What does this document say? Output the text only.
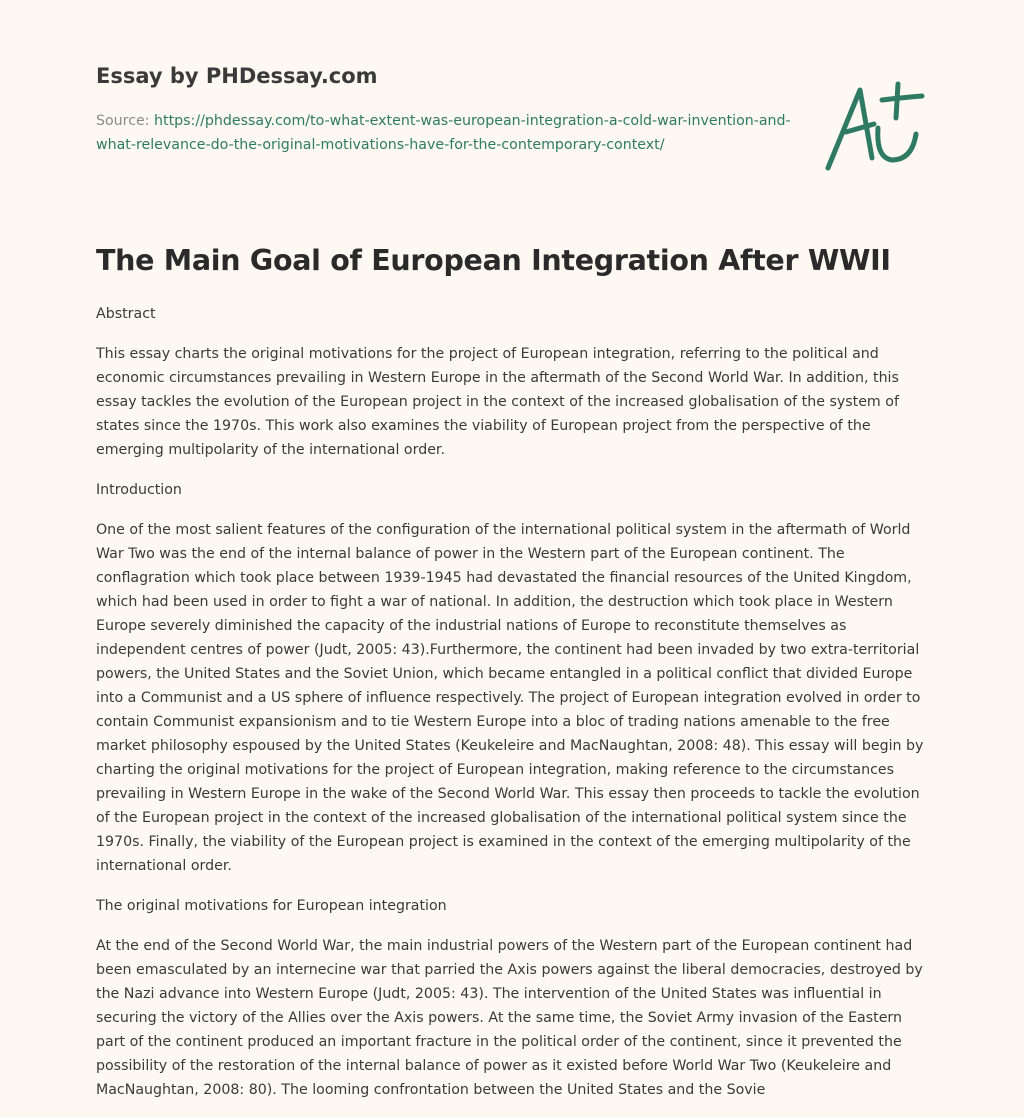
Essay by PHDessay.com
Source: https://phdessay.com/to-what-extent-was-european-integration-a-cold-war-invention-and-what-relevance-do-the-original-motivations-have-for-the-contemporary-context/
The Main Goal of European Integration After WWII

Abstract

This essay charts the original motivations for the project of European integration, referring to the political and economic circumstances prevailing in Western Europe in the aftermath of the Second World War. In addition, this essay tackles the evolution of the European project in the context of the increased globalisation of the system of states since the 1970s. This work also examines the viability of European project from the perspective of the emerging multipolarity of the international order.

Introduction

One of the most salient features of the configuration of the international political system in the aftermath of World War Two was the end of the internal balance of power in the Western part of the European continent. The conflagration which took place between 1939-1945 had devastated the financial resources of the United Kingdom, which had been used in order to fight a war of national. In addition, the destruction which took place in Western Europe severely diminished the capacity of the industrial nations of Europe to reconstitute themselves as independent centres of power (Judt, 2005: 43).Furthermore, the continent had been invaded by two extra-territorial powers, the United States and the Soviet Union, which became entangled in a political conflict that divided Europe into a Communist and a US sphere of influence respectively. The project of European integration evolved in order to contain Communist expansionism and to tie Western Europe into a bloc of trading nations amenable to the free market philosophy espoused by the United States (Keukeleire and MacNaughtan, 2008: 48). This essay will begin by charting the original motivations for the project of European integration, making reference to the circumstances prevailing in Western Europe in the wake of the Second World War. This essay then proceeds to tackle the evolution of the European project in the context of the increased globalisation of the international political system since the 1970s. Finally, the viability of the European project is examined in the context of the emerging multipolarity of the international order.

The original motivations for European integration

At the end of the Second World War, the main industrial powers of the Western part of the European continent had been emasculated by an internecine war that parried the Axis powers against the liberal democracies, destroyed by the Nazi advance into Western Europe (Judt, 2005: 43). The intervention of the United States was influential in securing the victory of the Allies over the Axis powers. At the same time, the Soviet Army invasion of the Eastern part of the continent produced an important fracture in the political order of the continent, since it prevented the possibility of the restoration of the internal balance of power as it existed before World War Two (Keukeleire and MacNaughtan, 2008: 80). The looming confrontation between the United States and the Sovie
